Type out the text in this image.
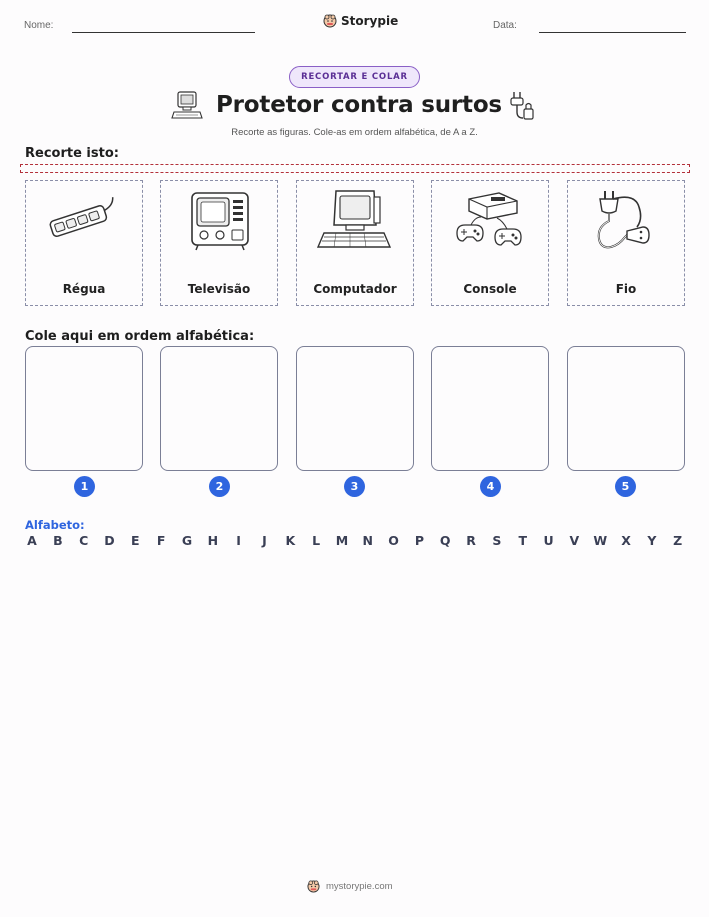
Nome:	Storypie	Data:
RECORTAR E COLAR
Protetor contra surtos
Recorte as figuras. Cole-as em ordem alfabética, de A a Z.
Recorte isto:
Régua	Televisão	Computador	Console	Fio
Cole aqui em ordem alfabética:
1	2	3	4	5
Alfabeto:
A B C D E F G H	I	J	K L M N O P Q R S T U V W X Y Z
mystorypie.com
